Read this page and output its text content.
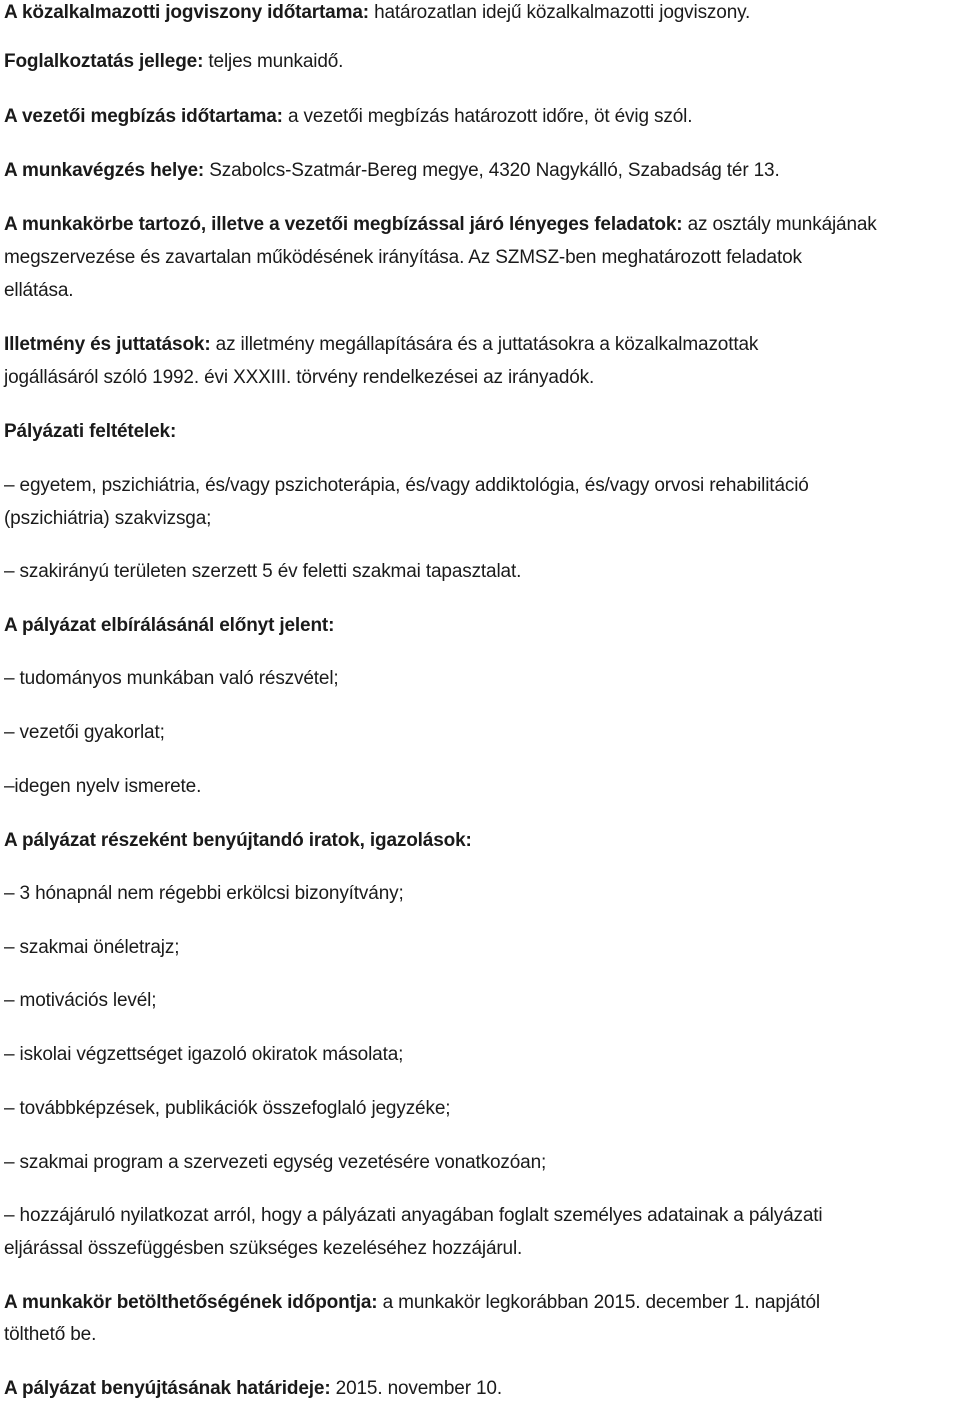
A közalkalmazotti jogviszony időtartama: határozatlan idejű közalkalmazotti jogviszony.
Foglalkoztatás jellege: teljes munkaidő.
A vezetői megbízás időtartama: a vezetői megbízás határozott időre, öt évig szól.
A munkavégzés helye: Szabolcs-Szatmár-Bereg megye, 4320 Nagykálló, Szabadság tér 13.
A munkakörbe tartozó, illetve a vezetői megbízással járó lényeges feladatok: az osztály munkájának
megszervezése és zavartalan működésének irányítása. Az SZMSZ-ben meghatározott feladatok
ellátása.
Illetmény és juttatások: az illetmény megállapítására és a juttatásokra a közalkalmazottak
jogállásáról szóló 1992. évi XXXIII. törvény rendelkezései az irányadók.
Pályázati feltételek:
– egyetem, pszichiátria, és/vagy pszichoterápia, és/vagy addiktológia, és/vagy orvosi rehabilitáció
(pszichiátria) szakvizsga;
– szakirányú területen szerzett 5 év feletti szakmai tapasztalat.
A pályázat elbírálásánál előnyt jelent:
– tudományos munkában való részvétel;
– vezetői gyakorlat;
–idegen nyelv ismerete.
A pályázat részeként benyújtandó iratok, igazolások:
– 3 hónapnál nem régebbi erkölcsi bizonyítvány;
– szakmai önéletrajz;
– motivációs levél;
– iskolai végzettséget igazoló okiratok másolata;
– továbbképzések, publikációk összefoglaló jegyzéke;
– szakmai program a szervezeti egység vezetésére vonatkozóan;
– hozzájáruló nyilatkozat arról, hogy a pályázati anyagában foglalt személyes adatainak a pályázati
eljárással összefüggésben szükséges kezeléséhez hozzájárul.
A munkakör betölthetőségének időpontja: a munkakör legkorábban 2015. december 1. napjától
tölthető be.
A pályázat benyújtásának határideje: 2015. november 10.
